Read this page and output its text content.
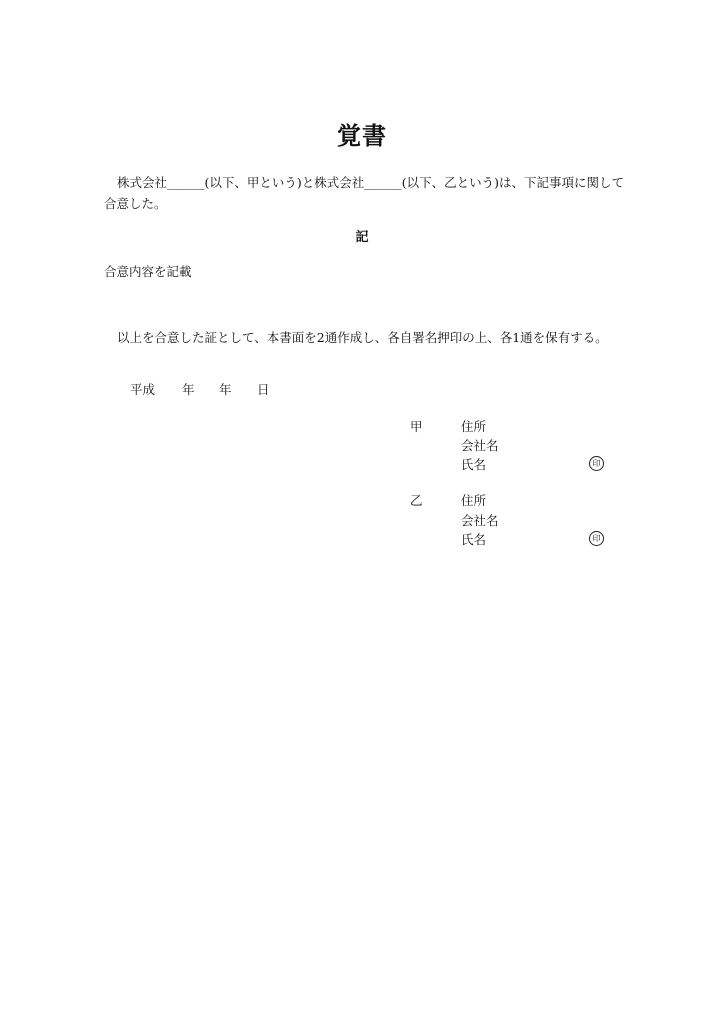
覚書
株式会社______(以下、甲という)と株式会社______(以下、乙という)は、下記事項に関して合意した。
記
合意内容を記載
以上を合意した証として、本書面を2通作成し、各自署名押印の上、各1通を保有する。
平成 年 年 日
甲	住所
会社名
氏名	印
乙	住所
会社名
氏名	印
